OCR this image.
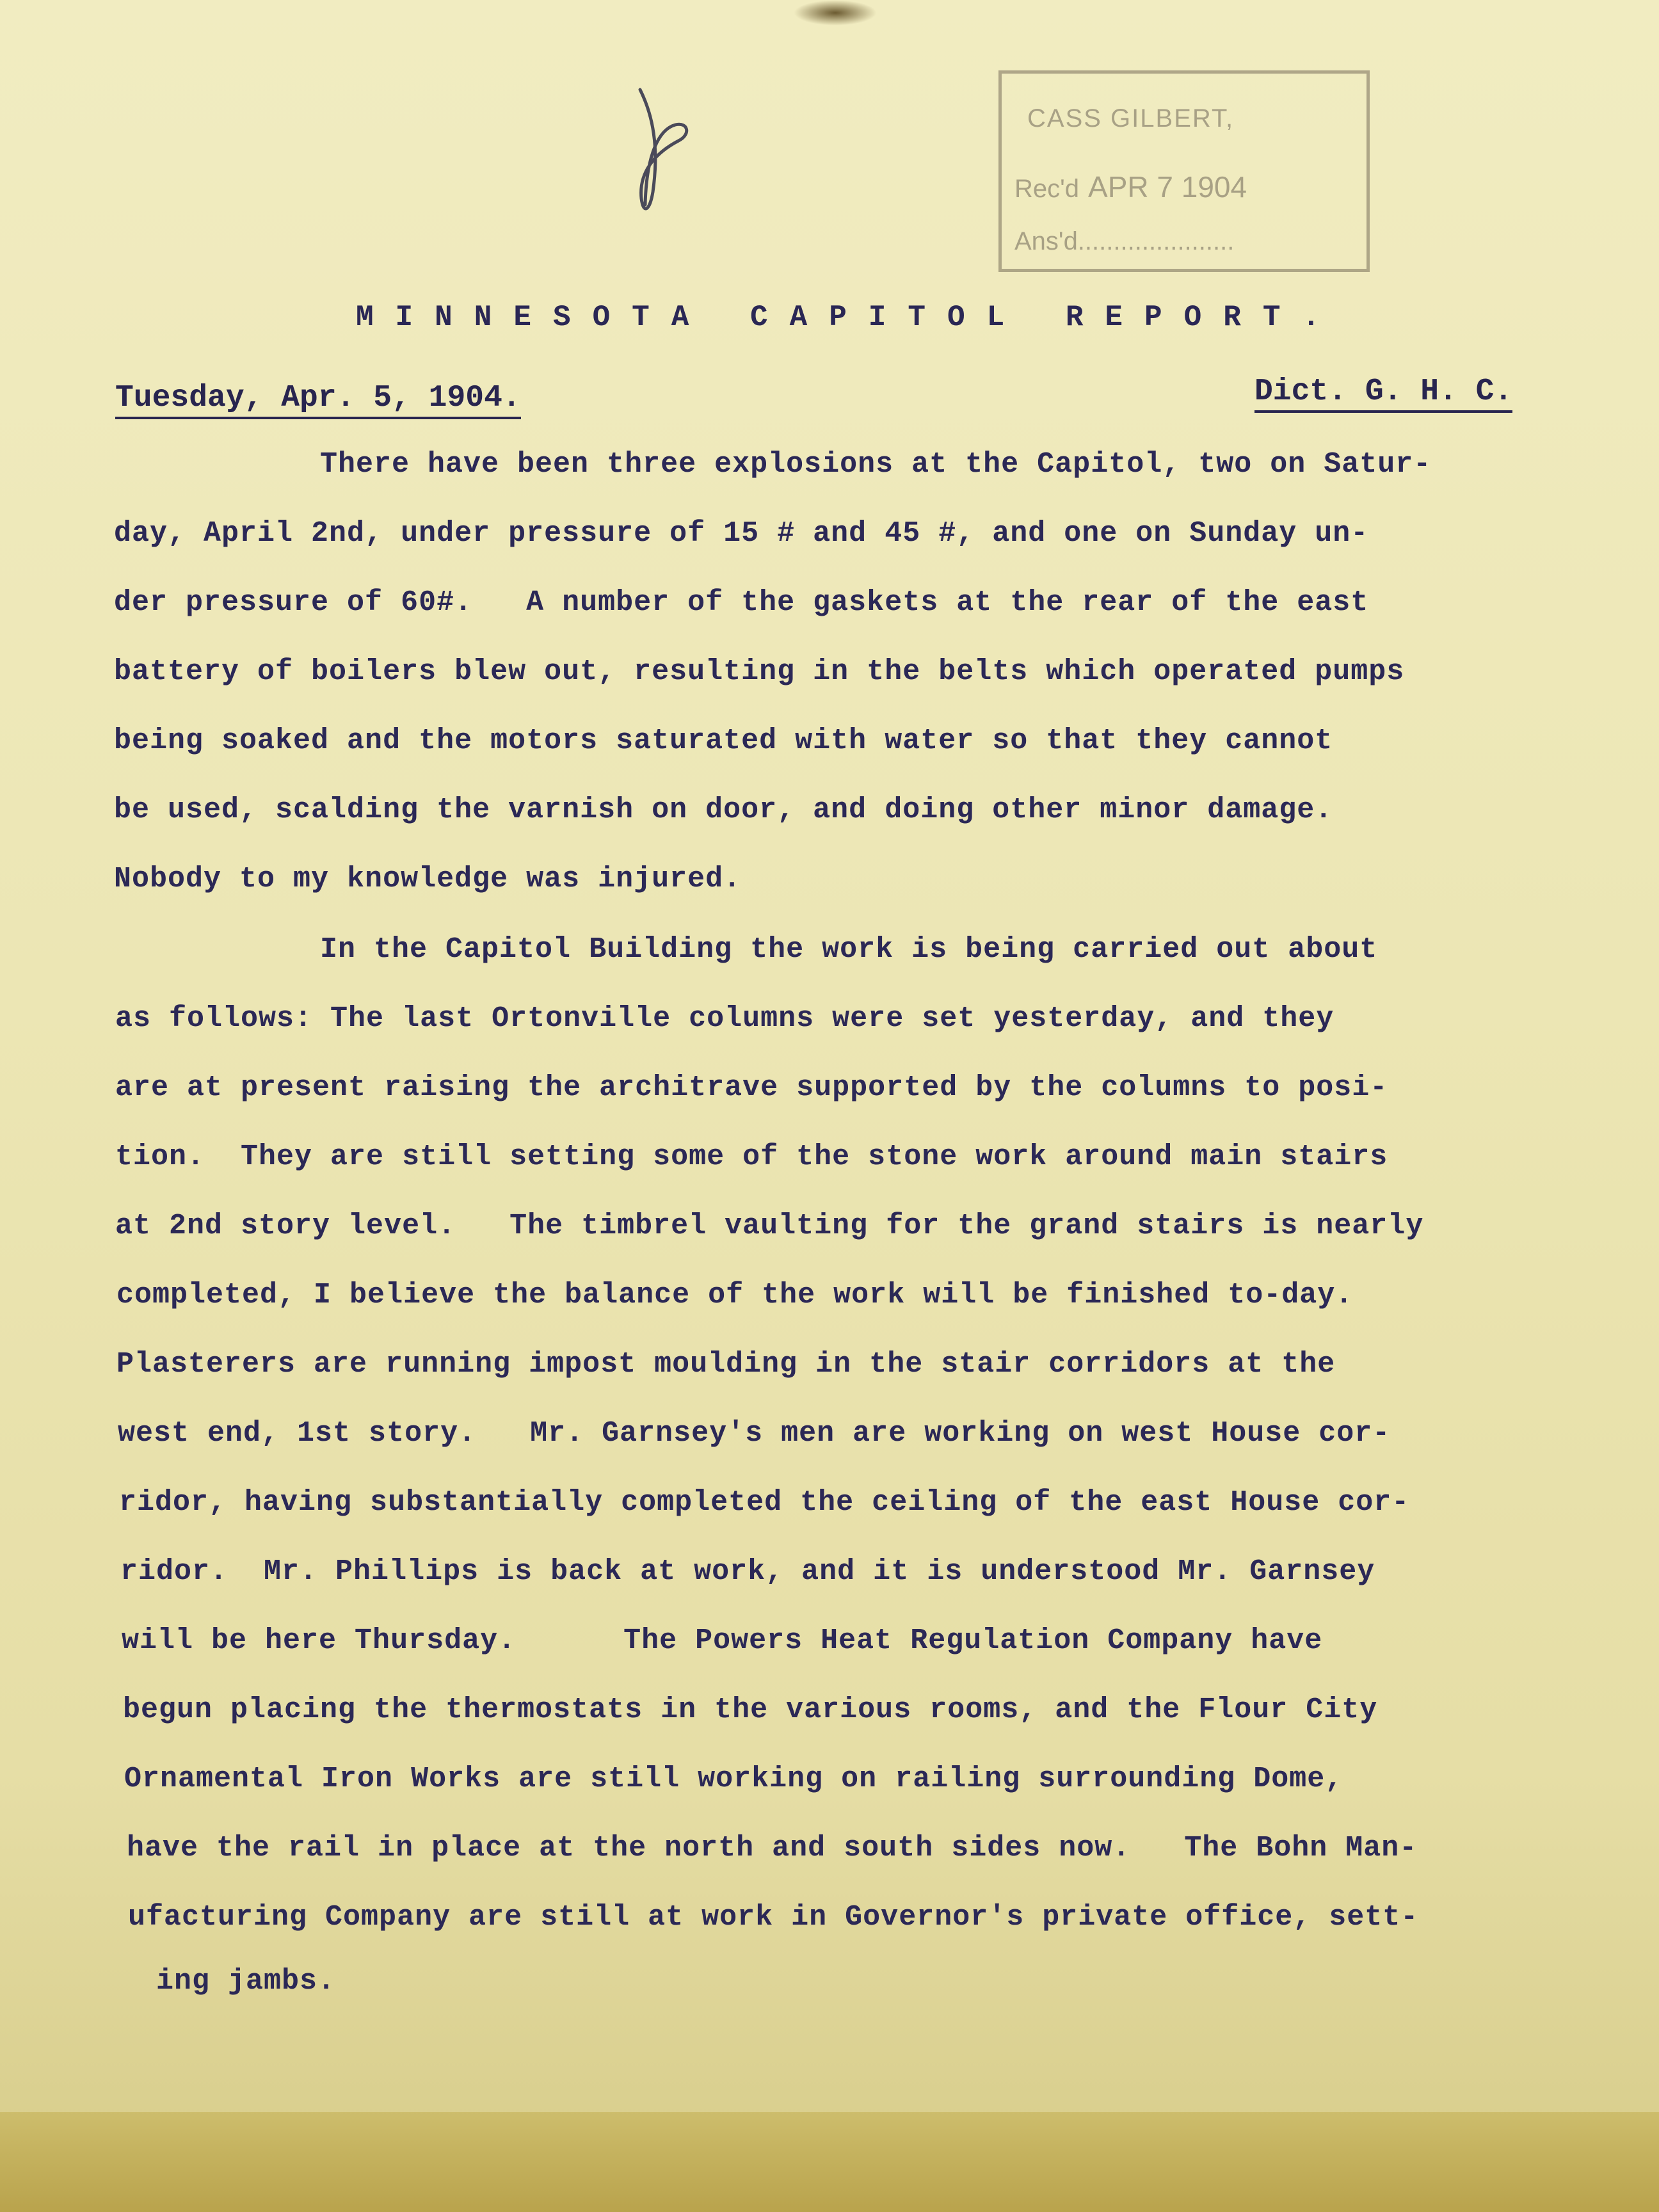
CASS GILBERT,
Rec'd APR 7 1904
Ans'd......................
MINNESOTA CAPITOL REPORT.
Tuesday, Apr. 5, 1904.	Dict. G. H. C.
There have been three explosions at the Capitol, two on Satur-
day, April 2nd, under pressure of 15 # and 45 #, and one on Sunday un-
der pressure of 60#.   A number of the gaskets at the rear of the east
battery of boilers blew out, resulting in the belts which operated pumps
being soaked and the motors saturated with water so that they cannot
be used, scalding the varnish on door, and doing other minor damage.
Nobody to my knowledge was injured.
In the Capitol Building the work is being carried out about
as follows: The last Ortonville columns were set yesterday, and they
are at present raising the architrave supported by the columns to posi-
tion.  They are still setting some of the stone work around main stairs
at 2nd story level.   The timbrel vaulting for the grand stairs is nearly
completed, I believe the balance of the work will be finished to-day.
Plasterers are running impost moulding in the stair corridors at the
west end, 1st story.   Mr. Garnsey's men are working on west House cor-
ridor, having substantially completed the ceiling of the east House cor-
ridor.  Mr. Phillips is back at work, and it is understood Mr. Garnsey
will be here Thursday.      The Powers Heat Regulation Company have
begun placing the thermostats in the various rooms, and the Flour City
Ornamental Iron Works are still working on railing surrounding Dome,
have the rail in place at the north and south sides now.   The Bohn Man-
ufacturing Company are still at work in Governor's private office, sett-
ing jambs.
